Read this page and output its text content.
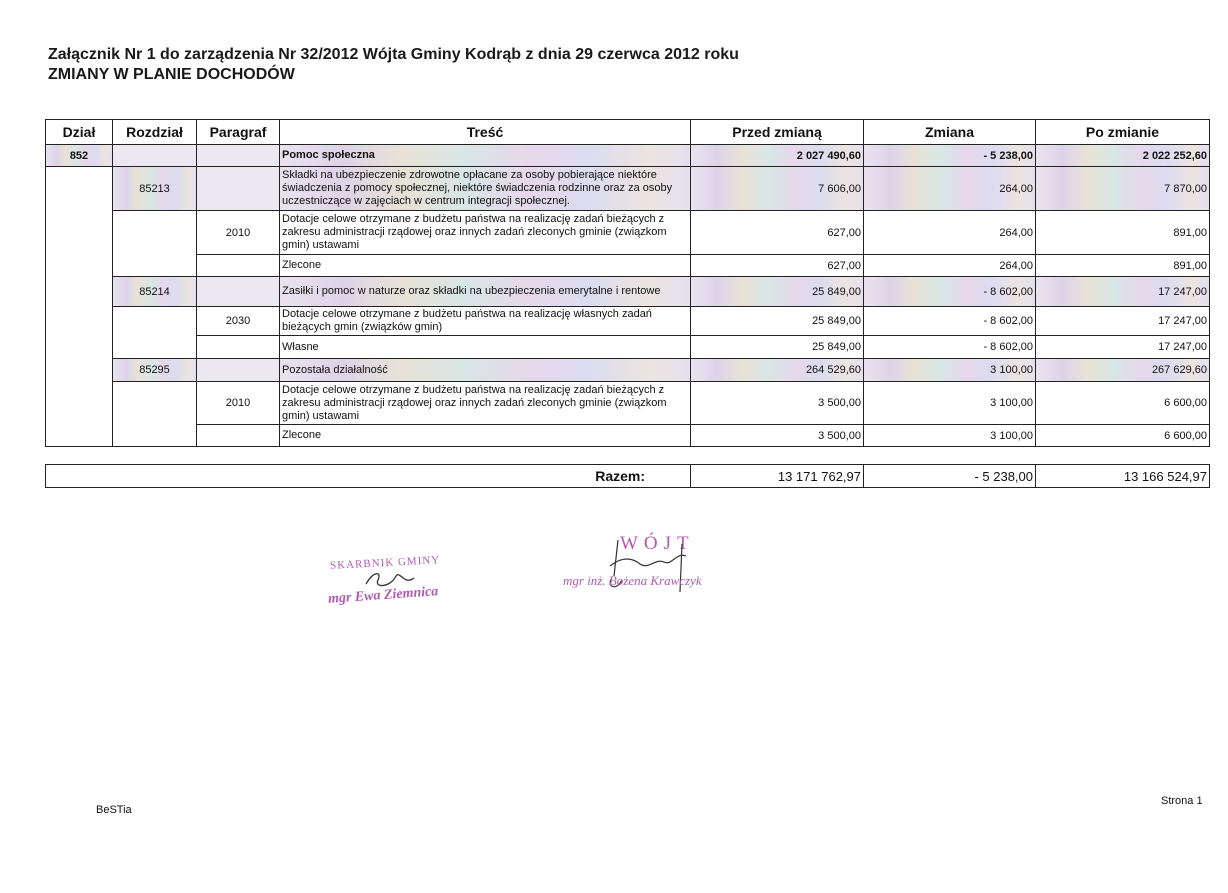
Załącznik Nr 1 do zarządzenia Nr 32/2012 Wójta Gminy Kodrąb z dnia 29 czerwca 2012 roku
ZMIANY W PLANIE DOCHODÓW
Dział	Rozdział	Paragraf	Treść	Przed zmianą	Zmiana	Po zmianie
852			Pomoc społeczna	2 027 490,60	- 5 238,00	2 022 252,60
	85213		Składki na ubezpieczenie zdrowotne opłacane za osoby pobierające niektóre świadczenia z pomocy społecznej, niektóre świadczenia rodzinne oraz za osoby uczestniczące w zajęciach w centrum integracji społecznej.	7 606,00	264,00	7 870,00
		2010	Dotacje celowe otrzymane z budżetu państwa na realizację zadań bieżących z zakresu administracji rządowej oraz innych zadań zleconych gminie (związkom gmin) ustawami	627,00	264,00	891,00
			Zlecone	627,00	264,00	891,00
	85214		Zasiłki i pomoc w naturze oraz składki na ubezpieczenia emerytalne i rentowe	25 849,00	- 8 602,00	17 247,00
		2030	Dotacje celowe otrzymane z budżetu państwa na realizację własnych zadań bieżących gmin (związków gmin)	25 849,00	- 8 602,00	17 247,00
			Własne	25 849,00	- 8 602,00	17 247,00
	85295		Pozostała działalność	264 529,60	3 100,00	267 629,60
		2010	Dotacje celowe otrzymane z budżetu państwa na realizację zadań bieżących z zakresu administracji rządowej oraz innych zadań zleconych gminie (związkom gmin) ustawami	3 500,00	3 100,00	6 600,00
			Zlecone	3 500,00	3 100,00	6 600,00
Razem:	13 171 762,97	- 5 238,00	13 166 524,97
SKARBNIK GMINY
mgr Ewa Ziemnica
WÓJT
mgr inż. Bożena Krawczyk
BeSTia
Strona 1
